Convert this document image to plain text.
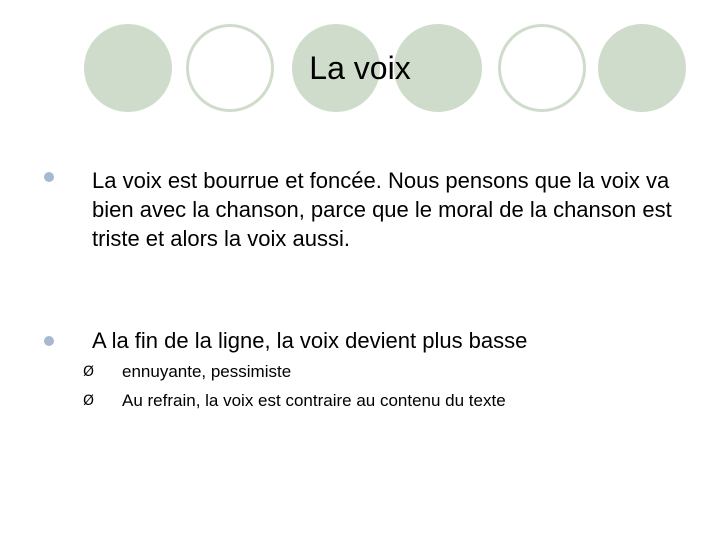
La voix
La voix est bourrue et foncée. Nous pensons que la voix va bien avec la chanson, parce que le moral de la chanson est triste et alors la voix aussi.
A la fin de la ligne, la voix devient plus basse
Ø ennuyante, pessimiste
Ø Au refrain, la voix est contraire au contenu du texte
